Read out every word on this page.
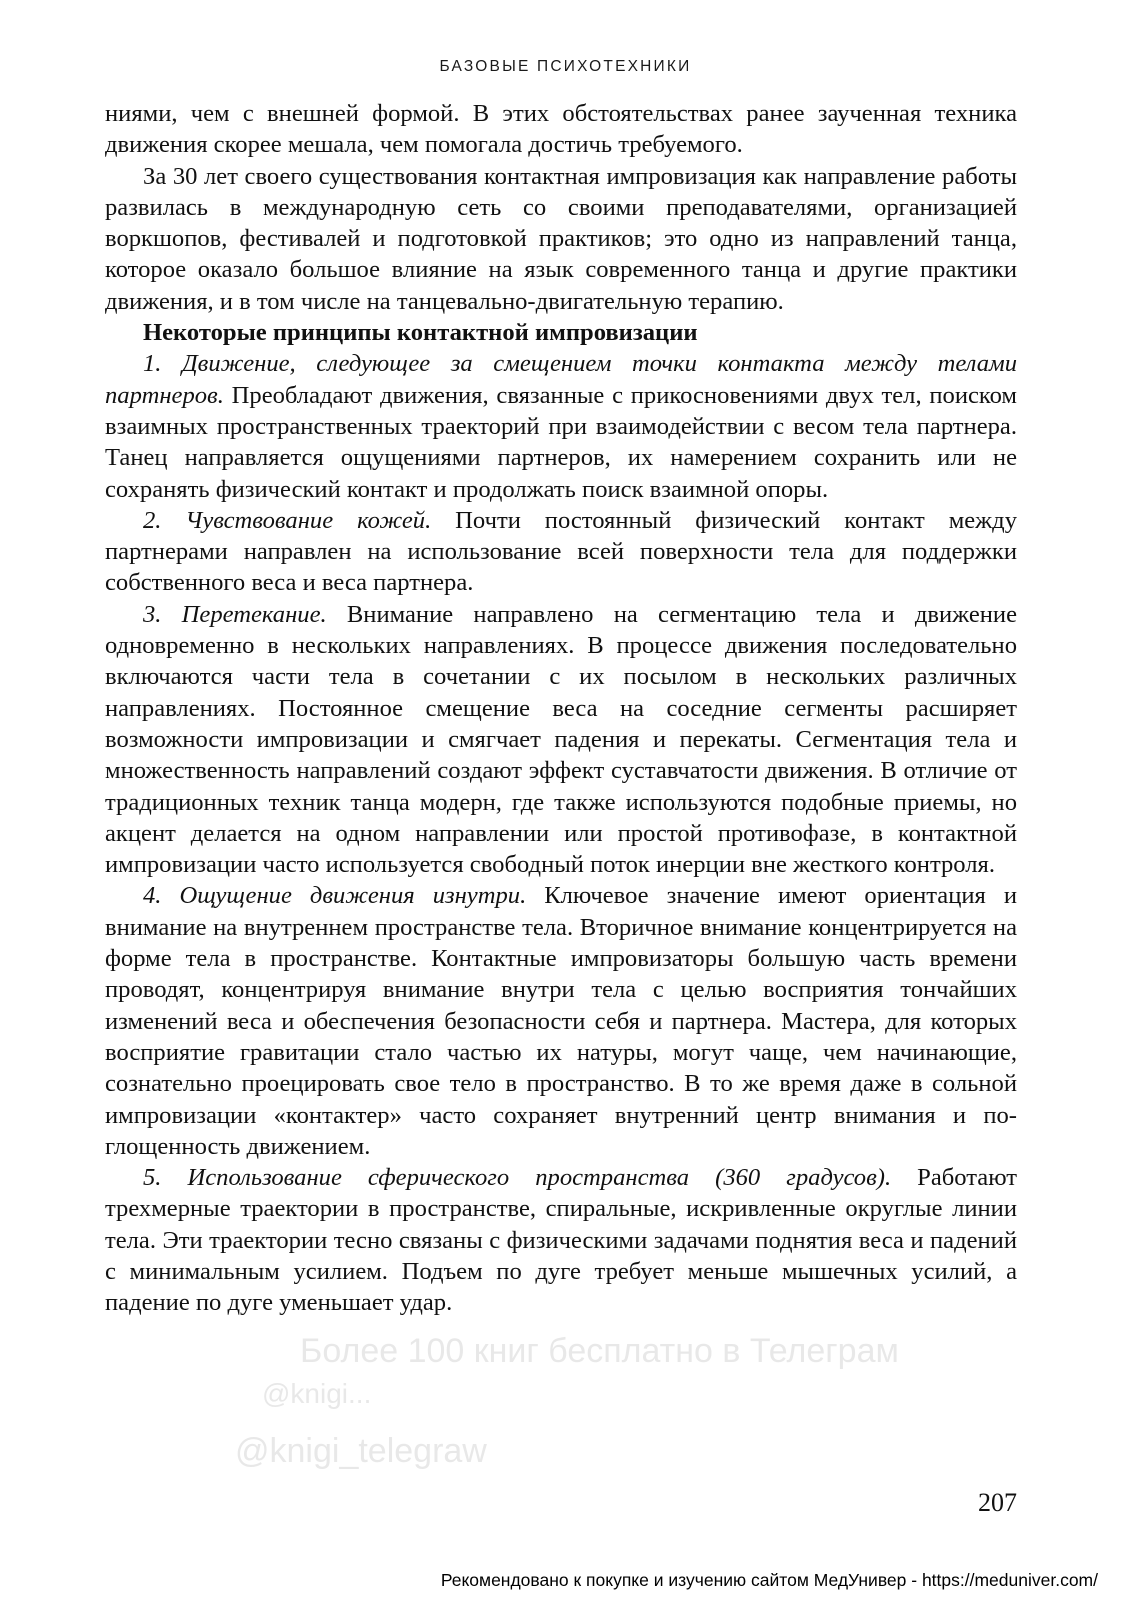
БАЗОВЫЕ ПСИХОТЕХНИКИ

ниями, чем с внешней формой. В этих обстоятельствах ранее заученная техника движения скорее мешала, чем помогала достичь требуемого.

За 30 лет своего существования контактная импровизация как направление работы развилась в международную сеть со своими преподавателями, организацией воркшопов, фестивалей и подготовкой практиков; это одно из направлений танца, которое оказало большое влияние на язык современного танца и другие практики движения, и в том числе на танцевально-двигательную терапию.

Некоторые принципы контактной импровизации

1. Движение, следующее за смещением точки контакта между телами партнеров. Преобладают движения, связанные с прикосновениями двух тел, поиском взаимных пространственных траекторий при взаимодействии с весом тела партнера. Танец направляется ощущениями партнеров, их намерением сохранить или не сохранять физический контакт и продолжать поиск взаимной опоры.

2. Чувствование кожей. Почти постоянный физический контакт между партнерами направлен на использование всей поверхности тела для поддержки собственного веса и веса партнера.

3. Перетекание. Внимание направлено на сегментацию тела и движение одновременно в нескольких направлениях. В процессе движения последовательно включаются части тела в сочетании с их посылом в нескольких различных направлениях. Постоянное смещение веса на соседние сегменты расширяет возможности импровизации и смягчает падения и перекаты. Сегментация тела и множественность направлений создают эффект суставчатости движения. В отличие от традиционных техник танца модерн, где также используются подобные приемы, но акцент делается на одном направлении или простой противофазе, в контактной импровизации часто используется свободный поток инерции вне жесткого контроля.

4. Ощущение движения изнутри. Ключевое значение имеют ориентация и внимание на внутреннем пространстве тела. Вторичное внимание концентрируется на форме тела в пространстве. Контактные импровизаторы большую часть времени проводят, концентрируя внимание внутри тела с целью восприятия тончайших изменений веса и обеспечения безопасности себя и партнера. Мастера, для которых восприятие гравитации стало частью их натуры, могут чаще, чем начинающие, сознательно проецировать свое тело в пространство. В то же время даже в сольной импровизации «контактер» часто сохраняет внутренний центр внимания и поглощенность движением.

5. Использование сферического пространства (360 градусов). Работают трехмерные траектории в пространстве, спиральные, искривленные округлые линии тела. Эти траектории тесно связаны с физическими задачами поднятия веса и падений с минимальным усилием. Подъем по дуге требует меньше мышечных усилий, а падение по дуге уменьшает удар.

Более 100 книг бесплатно в Телеграм
@knigi...
@knigi_telegraw
207
Рекомендовано к покупке и изучению сайтом МедУнивер - https://meduniver.com/
